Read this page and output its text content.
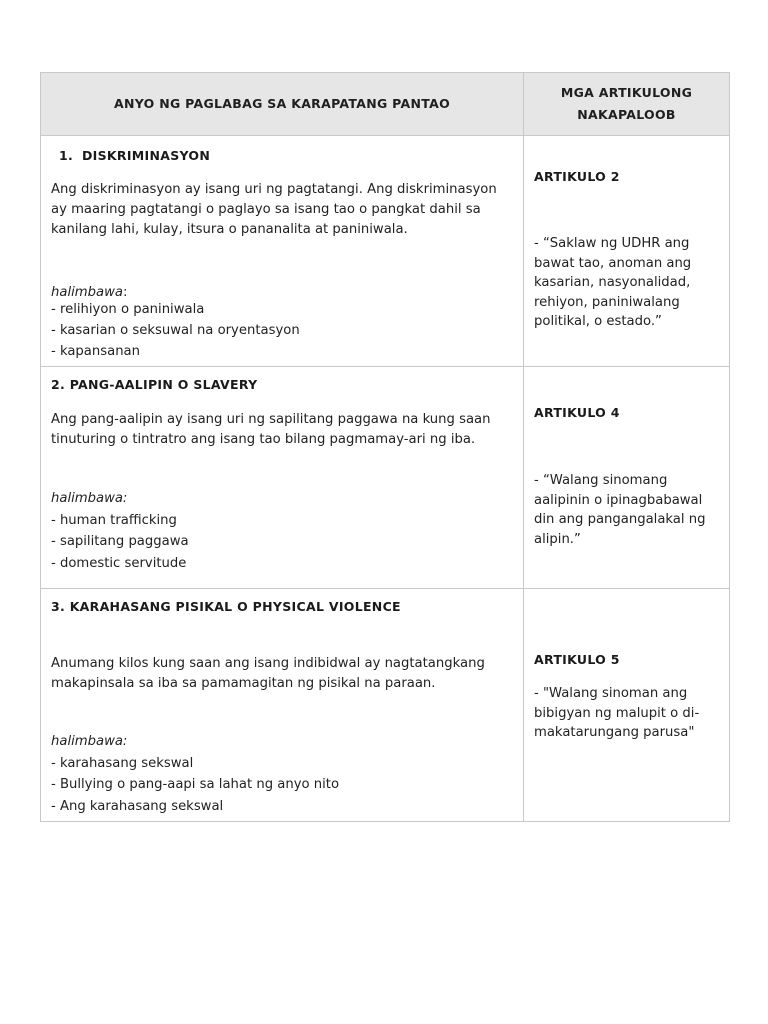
ANYO NG PAGLABAG SA KARAPATANG PANTAO
MGA ARTIKULONG NAKAPALOOB
1. DISKRIMINASYON
Ang diskriminasyon ay isang uri ng pagtatangi. Ang diskriminasyon ay maaring pagtatangi o paglayo sa isang tao o pangkat dahil sa kanilang lahi, kulay, itsura o pananalita at paniniwala.
halimbawa:
- relihiyon o paniniwala
- kasarian o seksuwal na oryentasyon
- kapansanan
ARTIKULO 2
- “Saklaw ng UDHR ang bawat tao, anoman ang kasarian, nasyonalidad, rehiyon, paniniwalang politikal, o estado.”
2. PANG-AALIPIN O SLAVERY
Ang pang-aalipin ay isang uri ng sapilitang paggawa na kung saan tinuturing o tintratro ang isang tao bilang pagmamay-ari ng iba.
halimbawa:
- human trafficking
- sapilitang paggawa
- domestic servitude
ARTIKULO 4
- “Walang sinomang aalipinin o ipinagbabawal din ang pangangalakal ng alipin.”
3. KARAHASANG PISIKAL O PHYSICAL VIOLENCE
Anumang kilos kung saan ang isang indibidwal ay nagtatangkang makapinsala sa iba sa pamamagitan ng pisikal na paraan.
halimbawa:
- karahasang sekswal
- Bullying o pang-aapi sa lahat ng anyo nito
- Ang karahasang sekswal
ARTIKULO 5
- "Walang sinoman ang bibigyan ng malupit o di-makatarungang parusa"
